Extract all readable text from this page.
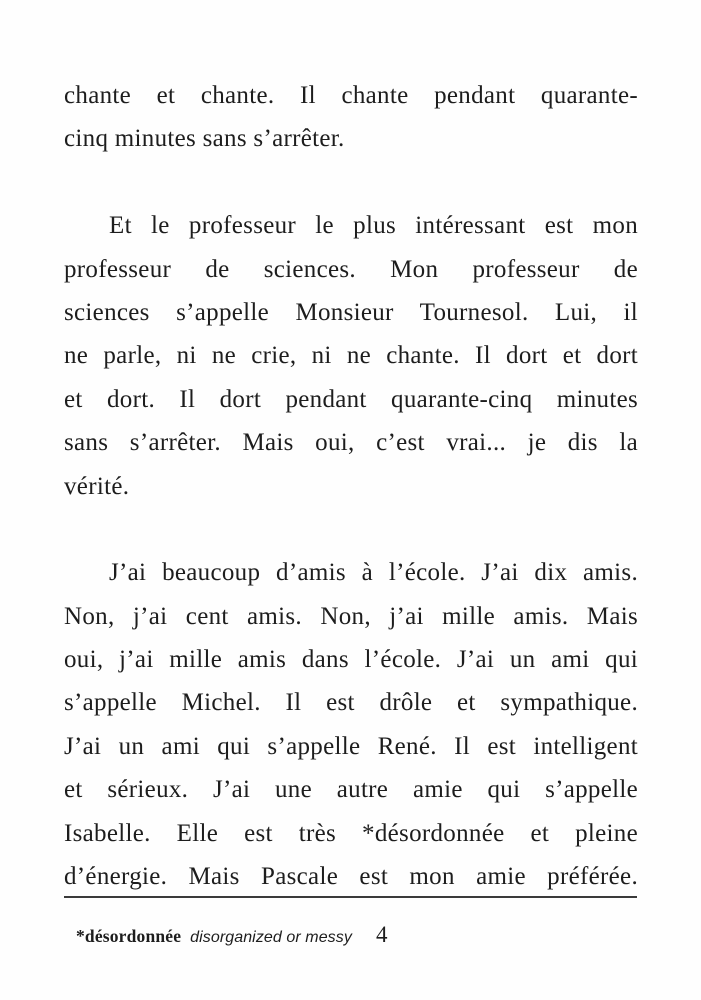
chante et chante. Il chante pendant quarante-
cinq minutes sans s’arrêter.
Et le professeur le plus intéressant est mon
professeur de sciences. Mon professeur de
sciences s’appelle Monsieur Tournesol. Lui, il
ne parle, ni ne crie, ni ne chante. Il dort et dort
et dort. Il dort pendant quarante-cinq minutes
sans s’arrêter. Mais oui, c’est vrai... je dis la
vérité.
J’ai beaucoup d’amis à l’école. J’ai dix amis.
Non, j’ai cent amis. Non, j’ai mille amis. Mais
oui, j’ai mille amis dans l’école. J’ai un ami qui
s’appelle Michel. Il est drôle et sympathique.
J’ai un ami qui s’appelle René. Il est intelligent
et sérieux. J’ai une autre amie qui s’appelle
Isabelle. Elle est très *désordonnée et pleine
d’énergie. Mais Pascale est mon amie préférée.
*désordonnée disorganized or messy 4
